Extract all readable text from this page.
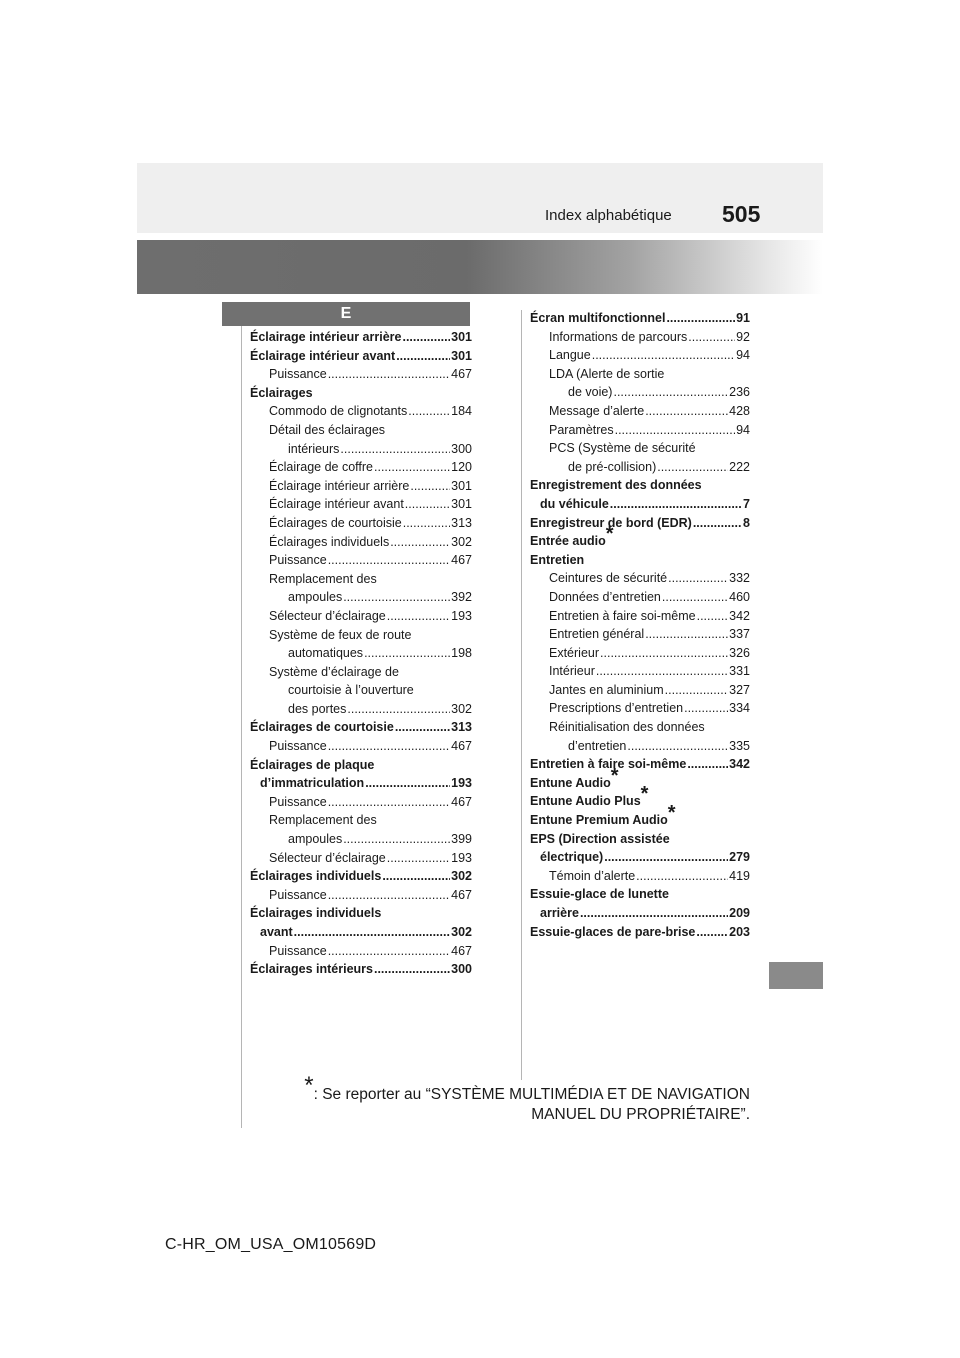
Index alphabétique 505
E
Éclairage intérieur arrière .....	301
Éclairage intérieur avant .....	301
Puissance .....	467
Éclairages
Commodo de clignotants .....	184
Détail des éclairages
intérieurs .....	300
Éclairage de coffre .....	120
Éclairage intérieur arrière .....	301
Éclairage intérieur avant .....	301
Éclairages de courtoisie .....	313
Éclairages individuels .....	302
Puissance .....	467
Remplacement des
ampoules .....	392
Sélecteur d’éclairage .....	193
Système de feux de route
automatiques .....	198
Système d’éclairage de
courtoisie à l’ouverture
des portes .....	302
Éclairages de courtoisie .....	313
Puissance .....	467
Éclairages de plaque
d’immatriculation .....	193
Puissance .....	467
Remplacement des
ampoules .....	399
Sélecteur d’éclairage .....	193
Éclairages individuels .....	302
Puissance .....	467
Éclairages individuels
avant .....	302
Puissance .....	467
Éclairages intérieurs .....	300
Écran multifonctionnel .....	91
Informations de parcours .....	92
Langue .....	94
LDA (Alerte de sortie
de voie) .....	236
Message d’alerte .....	428
Paramètres .....	94
PCS (Système de sécurité
de pré-collision) .....	222
Enregistrement des données
du véhicule .....	7
Enregistreur de bord (EDR) .....	8
Entrée audio*
Entretien
Ceintures de sécurité .....	332
Données d’entretien .....	460
Entretien à faire soi-même .....	342
Entretien général .....	337
Extérieur .....	326
Intérieur .....	331
Jantes en aluminium .....	327
Prescriptions d’entretien .....	334
Réinitialisation des données
d’entretien .....	335
Entretien à faire soi-même .....	342
Entune Audio*
Entune Audio Plus*
Entune Premium Audio*
EPS (Direction assistée
électrique) .....	279
Témoin d’alerte .....	419
Essuie-glace de lunette
arrière .....	209
Essuie-glaces de pare-brise .....	203
*: Se reporter au “SYSTÈME MULTIMÉDIA ET DE NAVIGATION
MANUEL DU PROPRIÉTAIRE”.
C-HR_OM_USA_OM10569D
